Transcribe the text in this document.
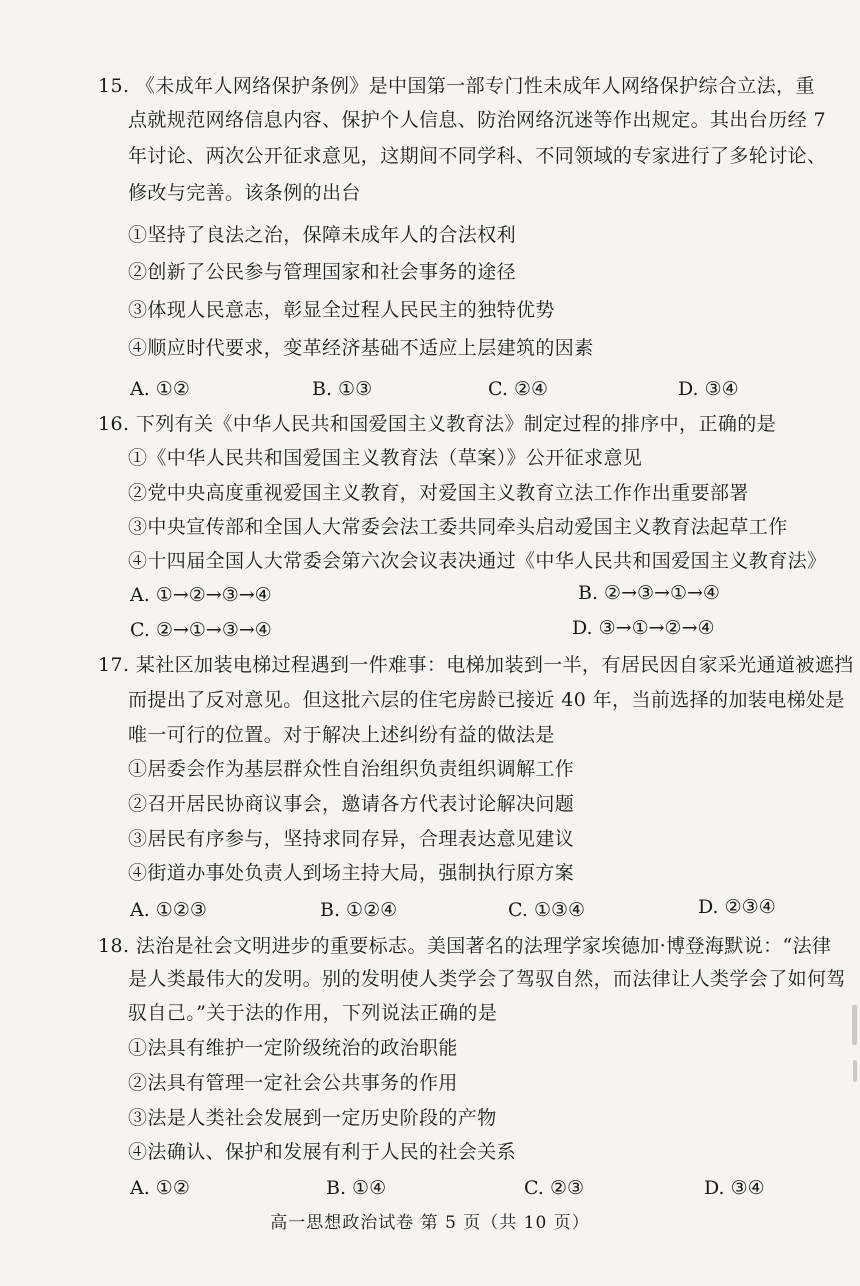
15. 《未成年人网络保护条例》是中国第一部专门性未成年人网络保护综合立法，重
点就规范网络信息内容、保护个人信息、防治网络沉迷等作出规定。其出台历经 7
年讨论、两次公开征求意见，这期间不同学科、不同领域的专家进行了多轮讨论、
修改与完善。该条例的出台
①坚持了良法之治，保障未成年人的合法权利
②创新了公民参与管理国家和社会事务的途径
③体现人民意志，彰显全过程人民民主的独特优势
④顺应时代要求，变革经济基础不适应上层建筑的因素
A. ①②	B. ①③	C. ②④	D. ③④
16. 下列有关《中华人民共和国爱国主义教育法》制定过程的排序中，正确的是
①《中华人民共和国爱国主义教育法（草案）》公开征求意见
②党中央高度重视爱国主义教育，对爱国主义教育立法工作作出重要部署
③中央宣传部和全国人大常委会法工委共同牵头启动爱国主义教育法起草工作
④十四届全国人大常委会第六次会议表决通过《中华人民共和国爱国主义教育法》
A. ①→②→③→④	B. ②→③→①→④
C. ②→①→③→④	D. ③→①→②→④
17. 某社区加装电梯过程遇到一件难事：电梯加装到一半，有居民因自家采光通道被遮挡
而提出了反对意见。但这批六层的住宅房龄已接近 40 年，当前选择的加装电梯处是
唯一可行的位置。对于解决上述纠纷有益的做法是
①居委会作为基层群众性自治组织负责组织调解工作
②召开居民协商议事会，邀请各方代表讨论解决问题
③居民有序参与，坚持求同存异，合理表达意见建议
④街道办事处负责人到场主持大局，强制执行原方案
A. ①②③	B. ①②④	C. ①③④	D. ②③④
18. 法治是社会文明进步的重要标志。美国著名的法理学家埃德加·博登海默说：“法律
是人类最伟大的发明。别的发明使人类学会了驾驭自然，而法律让人类学会了如何驾
驭自己。”关于法的作用，下列说法正确的是
①法具有维护一定阶级统治的政治职能
②法具有管理一定社会公共事务的作用
③法是人类社会发展到一定历史阶段的产物
④法确认、保护和发展有利于人民的社会关系
A. ①②	B. ①④	C. ②③	D. ③④
高一思想政治试卷 第 5 页（共 10 页）
